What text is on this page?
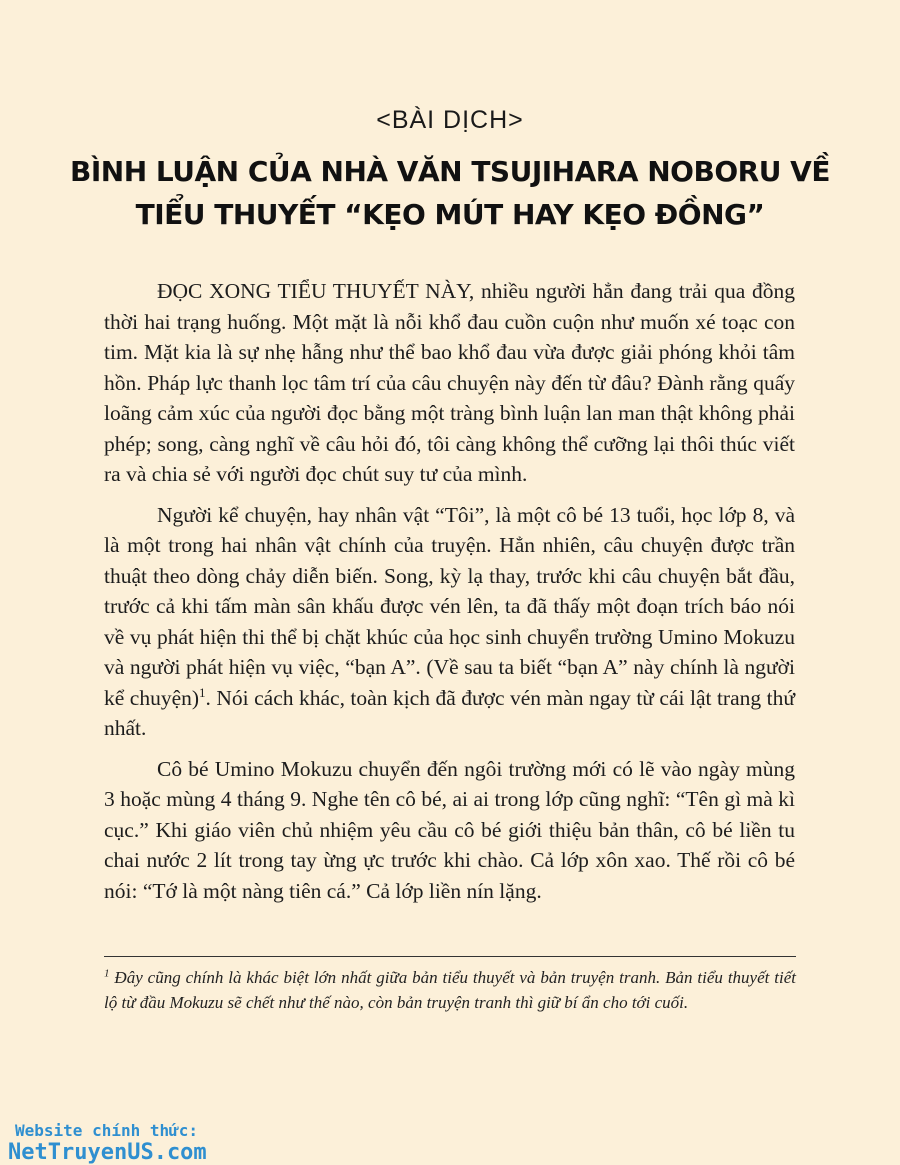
<BÀI DỊCH>
BÌNH LUẬN CỦA NHÀ VĂN TSUJIHARA NOBORU VỀ TIỂU THUYẾT “KẸO MÚT HAY KẸO ĐỒNG”

ĐỌC XONG TIỂU THUYẾT NÀY, nhiều người hẳn đang trải qua đồng thời hai trạng huống. Một mặt là nỗi khổ đau cuồn cuộn như muốn xé toạc con tim. Mặt kia là sự nhẹ hẫng như thể bao khổ đau vừa được giải phóng khỏi tâm hồn. Pháp lực thanh lọc tâm trí của câu chuyện này đến từ đâu? Đành rằng quấy loãng cảm xúc của người đọc bằng một tràng bình luận lan man thật không phải phép; song, càng nghĩ về câu hỏi đó, tôi càng không thể cưỡng lại thôi thúc viết ra và chia sẻ với người đọc chút suy tư của mình.

Người kể chuyện, hay nhân vật “Tôi”, là một cô bé 13 tuổi, học lớp 8, và là một trong hai nhân vật chính của truyện. Hẳn nhiên, câu chuyện được trần thuật theo dòng chảy diễn biến. Song, kỳ lạ thay, trước khi câu chuyện bắt đầu, trước cả khi tấm màn sân khấu được vén lên, ta đã thấy một đoạn trích báo nói về vụ phát hiện thi thể bị chặt khúc của học sinh chuyển trường Umino Mokuzu và người phát hiện vụ việc, “bạn A”. (Về sau ta biết “bạn A” này chính là người kể chuyện)$^1$. Nói cách khác, toàn kịch đã được vén màn ngay từ cái lật trang thứ nhất.

Cô bé Umino Mokuzu chuyển đến ngôi trường mới có lẽ vào ngày mùng 3 hoặc mùng 4 tháng 9. Nghe tên cô bé, ai ai trong lớp cũng nghĩ: “Tên gì mà kì cục.” Khi giáo viên chủ nhiệm yêu cầu cô bé giới thiệu bản thân, cô bé liền tu chai nước 2 lít trong tay ừng ực trước khi chào. Cả lớp xôn xao. Thế rồi cô bé nói: “Tớ là một nàng tiên cá.” Cả lớp liền nín lặng.

$^1$ Đây cũng chính là khác biệt lớn nhất giữa bản tiểu thuyết và bản truyện tranh. Bản tiểu thuyết tiết lộ từ đầu Mokuzu sẽ chết như thế nào, còn bản truyện tranh thì giữ bí ẩn cho tới cuối.
Website chính thức:
NetTruyenUS.com
